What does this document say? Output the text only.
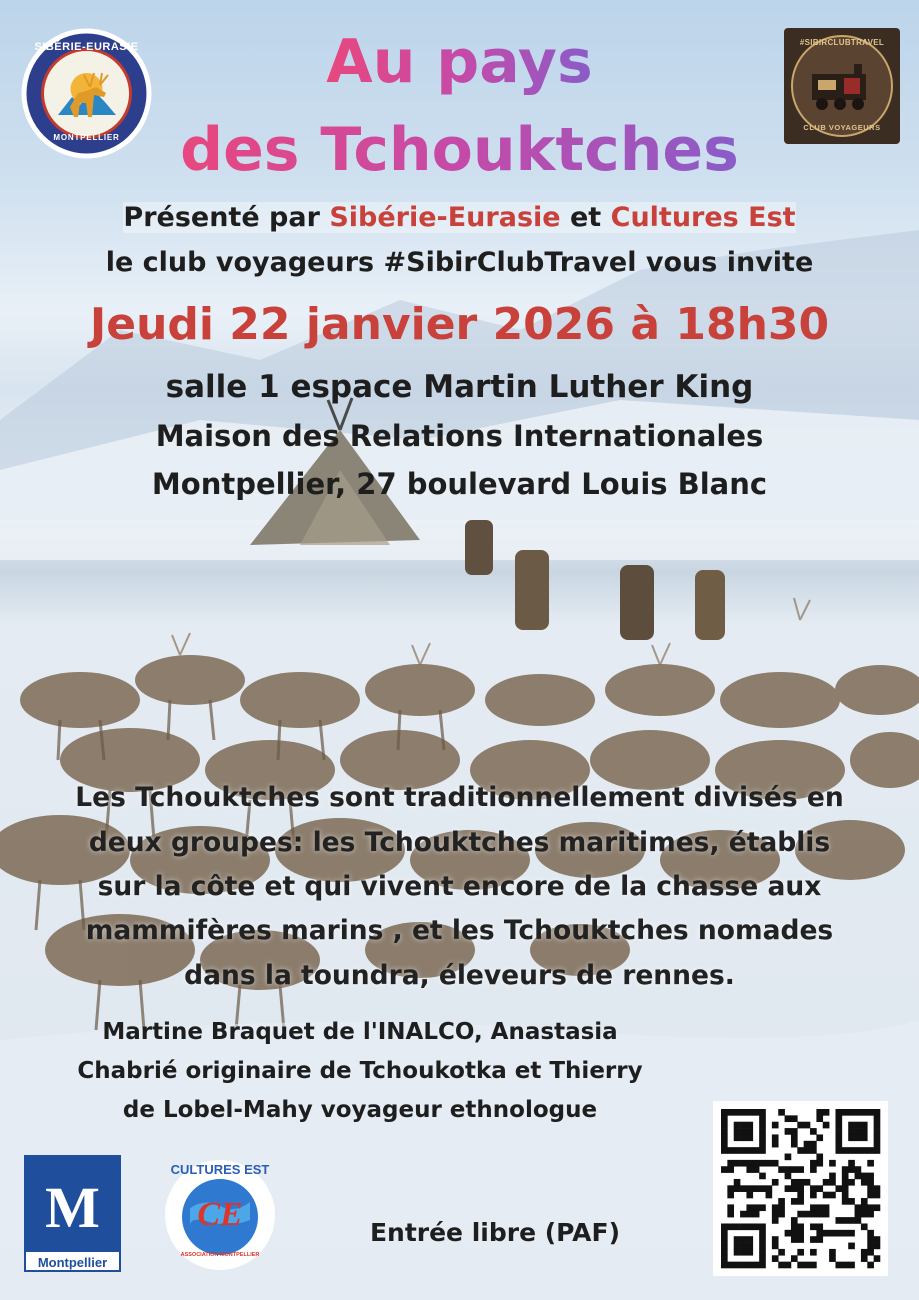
SIBÉRIE-EURASIE
MONTPELLIER
#SIBIRCLUBTRAVEL
CLUB VOYAGEURS
Au pays
des Tchouktches
Présenté par Sibérie-Eurasie et Cultures Est
le club voyageurs #SibirClubTravel vous invite
Jeudi 22 janvier 2026 à 18h30
salle 1 espace Martin Luther King
Maison des Relations Internationales
Montpellier, 27 boulevard Louis Blanc
Les Tchouktches sont traditionnellement divisés en
deux groupes: les Tchouktches maritimes, établis
sur la côte et qui vivent encore de la chasse aux
mammifères marins , et les Tchouktches nomades
dans la toundra, éleveurs de rennes.
Martine Braquet de l'INALCO, Anastasia
Chabrié originaire de Tchoukotka et Thierry
de Lobel-Mahy voyageur ethnologue
M
Montpellier
CULTURES EST
CE
ASSOCIATION MONTPELLIER
Entrée libre (PAF)
